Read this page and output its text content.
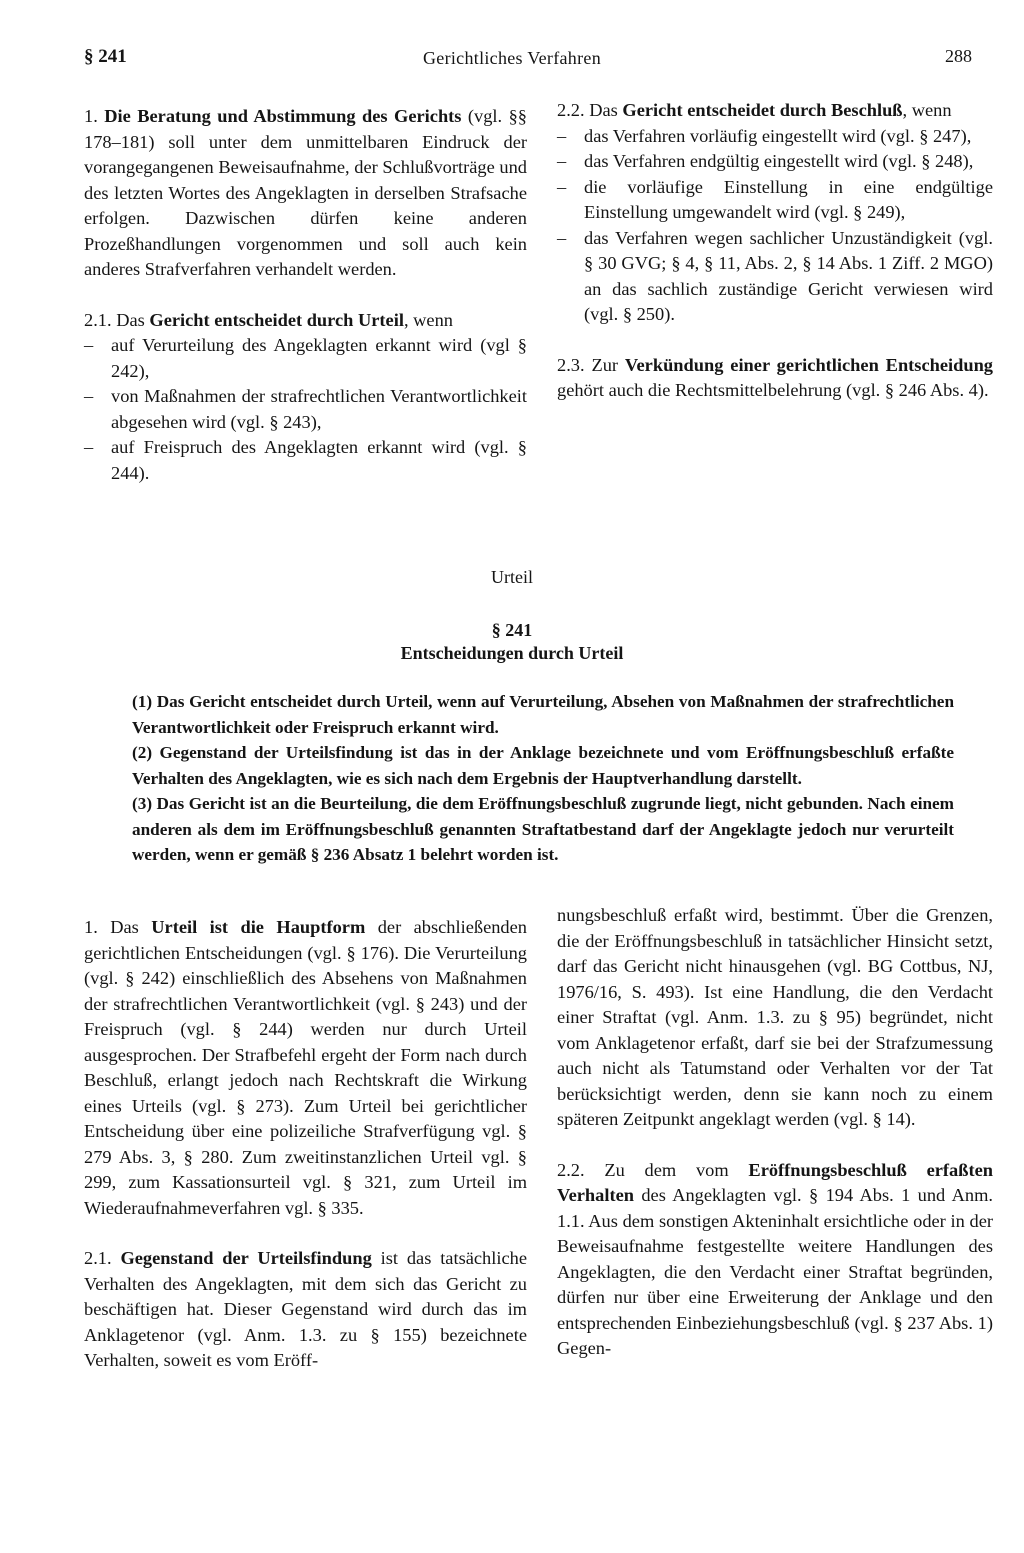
§ 241	Gerichtliches Verfahren	288

1. Die Beratung und Abstimmung des Gerichts (vgl. §§ 178–181) soll unter dem unmittelbaren Eindruck der vorangegangenen Beweisaufnahme, der Schlußvorträge und des letzten Wortes des Angeklagten in derselben Strafsache erfolgen. Dazwischen dürfen keine anderen Prozeßhandlungen vorgenommen und soll auch kein anderes Strafverfahren verhandelt werden.

2.1. Das Gericht entscheidet durch Urteil, wenn

– auf Verurteilung des Angeklagten erkannt wird (vgl § 242),
– von Maßnahmen der strafrechtlichen Verantwortlichkeit abgesehen wird (vgl. § 243),
– auf Freispruch des Angeklagten erkannt wird (vgl. § 244).

2.2. Das Gericht entscheidet durch Beschluß, wenn

– das Verfahren vorläufig eingestellt wird (vgl. § 247),
– das Verfahren endgültig eingestellt wird (vgl. § 248),
– die vorläufige Einstellung in eine endgültige Einstellung umgewandelt wird (vgl. § 249),
– das Verfahren wegen sachlicher Unzuständigkeit (vgl. § 30 GVG; § 4, § 11, Abs. 2, § 14 Abs. 1 Ziff. 2 MGO) an das sachlich zuständige Gericht verwiesen wird (vgl. § 250).

2.3. Zur Verkündung einer gerichtlichen Entscheidung gehört auch die Rechtsmittelbelehrung (vgl. § 246 Abs. 4).

Urteil
§ 241
Entscheidungen durch Urteil

(1) Das Gericht entscheidet durch Urteil, wenn auf Verurteilung, Absehen von Maßnahmen der strafrechtlichen Verantwortlichkeit oder Freispruch erkannt wird.

(2) Gegenstand der Urteilsfindung ist das in der Anklage bezeichnete und vom Eröffnungsbeschluß erfaßte Verhalten des Angeklagten, wie es sich nach dem Ergebnis der Hauptverhandlung darstellt.

(3) Das Gericht ist an die Beurteilung, die dem Eröffnungsbeschluß zugrunde liegt, nicht gebunden. Nach einem anderen als dem im Eröffnungsbeschluß genannten Straftatbestand darf der Angeklagte jedoch nur verurteilt werden, wenn er gemäß § 236 Absatz 1 belehrt worden ist.

1. Das Urteil ist die Hauptform der abschließenden gerichtlichen Entscheidungen (vgl. § 176). Die Verurteilung (vgl. § 242) einschließlich des Absehens von Maßnahmen der strafrechtlichen Verantwortlichkeit (vgl. § 243) und der Freispruch (vgl. § 244) werden nur durch Urteil ausgesprochen. Der Strafbefehl ergeht der Form nach durch Beschluß, erlangt jedoch nach Rechtskraft die Wirkung eines Urteils (vgl. § 273). Zum Urteil bei gerichtlicher Entscheidung über eine polizeiliche Strafverfügung vgl. § 279 Abs. 3, § 280. Zum zweitinstanzlichen Urteil vgl. § 299, zum Kassationsurteil vgl. § 321, zum Urteil im Wiederaufnahmeverfahren vgl. § 335.

2.1. Gegenstand der Urteilsfindung ist das tatsächliche Verhalten des Angeklagten, mit dem sich das Gericht zu beschäftigen hat. Dieser Gegenstand wird durch das im Anklagetenor (vgl. Anm. 1.3. zu § 155) bezeichnete Verhalten, soweit es vom Eröff-

nungsbeschluß erfaßt wird, bestimmt. Über die Grenzen, die der Eröffnungsbeschluß in tatsächlicher Hinsicht setzt, darf das Gericht nicht hinausgehen (vgl. BG Cottbus, NJ, 1976/16, S. 493). Ist eine Handlung, die den Verdacht einer Straftat (vgl. Anm. 1.3. zu § 95) begründet, nicht vom Anklagetenor erfaßt, darf sie bei der Strafzumessung auch nicht als Tatumstand oder Verhalten vor der Tat berücksichtigt werden, denn sie kann noch zu einem späteren Zeitpunkt angeklagt werden (vgl. § 14).

2.2. Zu dem vom Eröffnungsbeschluß erfaßten Verhalten des Angeklagten vgl. § 194 Abs. 1 und Anm. 1.1. Aus dem sonstigen Akteninhalt ersichtliche oder in der Beweisaufnahme festgestellte weitere Handlungen des Angeklagten, die den Verdacht einer Straftat begründen, dürfen nur über eine Erweiterung der Anklage und den entsprechenden Einbeziehungsbeschluß (vgl. § 237 Abs. 1) Gegen-
